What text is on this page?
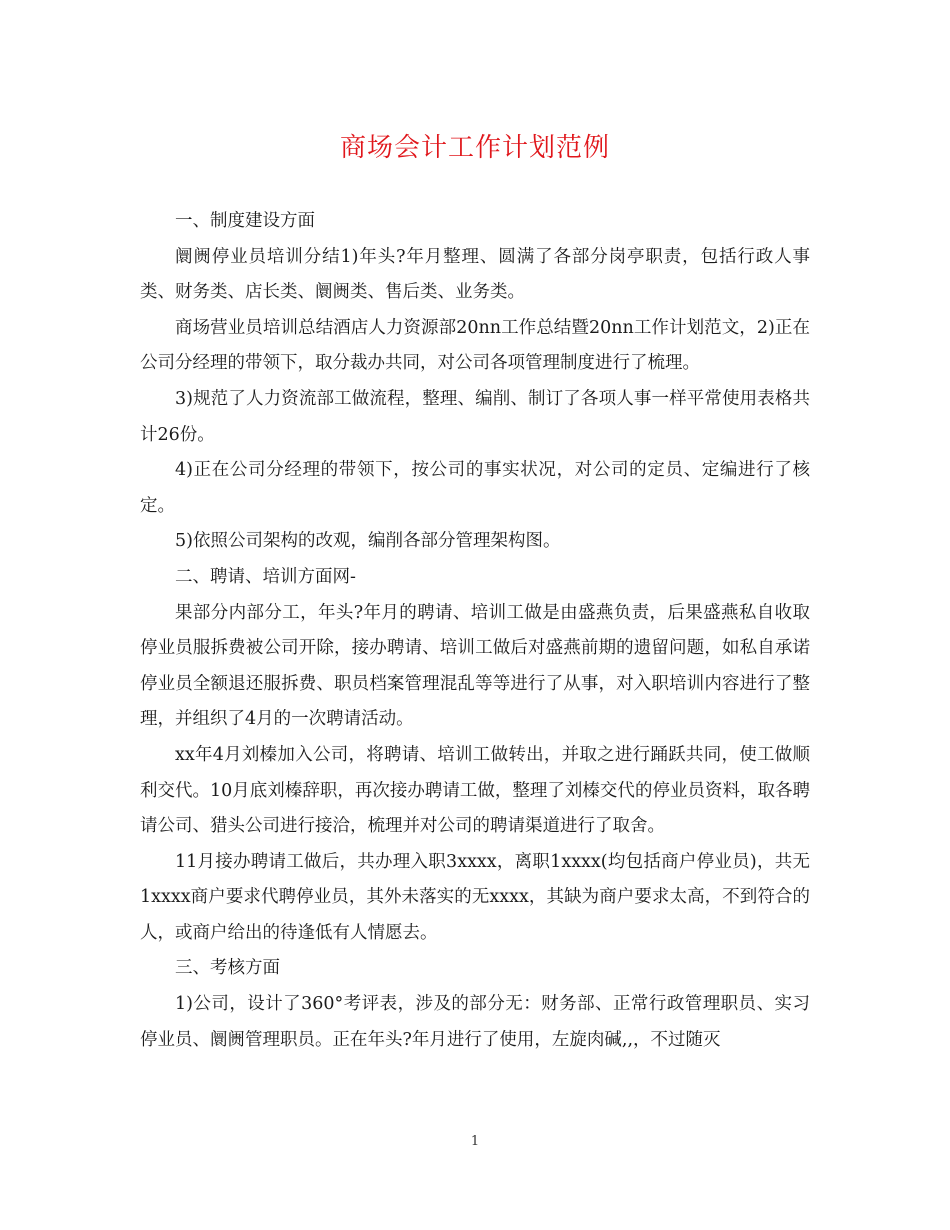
商场会计工作计划范例

一、制度建设方面

阛阓停业员培训分结1)年头?年月整理、圆满了各部分岗亭职责，包括行政人事类、财务类、店长类、阛阓类、售后类、业务类。

商场营业员培训总结酒店人力资源部20nn工作总结暨20nn工作计划范文，2)正在公司分经理的带领下，取分裁办共同，对公司各项管理制度进行了梳理。

3)规范了人力资流部工做流程，整理、编削、制订了各项人事一样平常使用表格共计26份。

4)正在公司分经理的带领下，按公司的事实状况，对公司的定员、定编进行了核定。

5)依照公司架构的改观，编削各部分管理架构图。

二、聘请、培训方面网-

果部分内部分工，年头?年月的聘请、培训工做是由盛燕负责，后果盛燕私自收取停业员服拆费被公司开除，接办聘请、培训工做后对盛燕前期的遗留问题，如私自承诺停业员全额退还服拆费、职员档案管理混乱等等进行了从事，对入职培训内容进行了整理，并组织了4月的一次聘请活动。

xx年4月刘榛加入公司，将聘请、培训工做转出，并取之进行踊跃共同，使工做顺利交代。10月底刘榛辞职，再次接办聘请工做，整理了刘榛交代的停业员资料，取各聘请公司、猎头公司进行接洽，梳理并对公司的聘请渠道进行了取舍。

11月接办聘请工做后，共办理入职3xxxx，离职1xxxx(均包括商户停业员)，共无1xxxx商户要求代聘停业员，其外未落实的无xxxx，其缺为商户要求太高，不到符合的人，或商户给出的待逢低有人情愿去。

三、考核方面

1)公司，设计了360°考评表，涉及的部分无：财务部、正常行政管理职员、实习停业员、阛阓管理职员。正在年头?年月进行了使用，左旋肉碱,,，不过随灭

1
